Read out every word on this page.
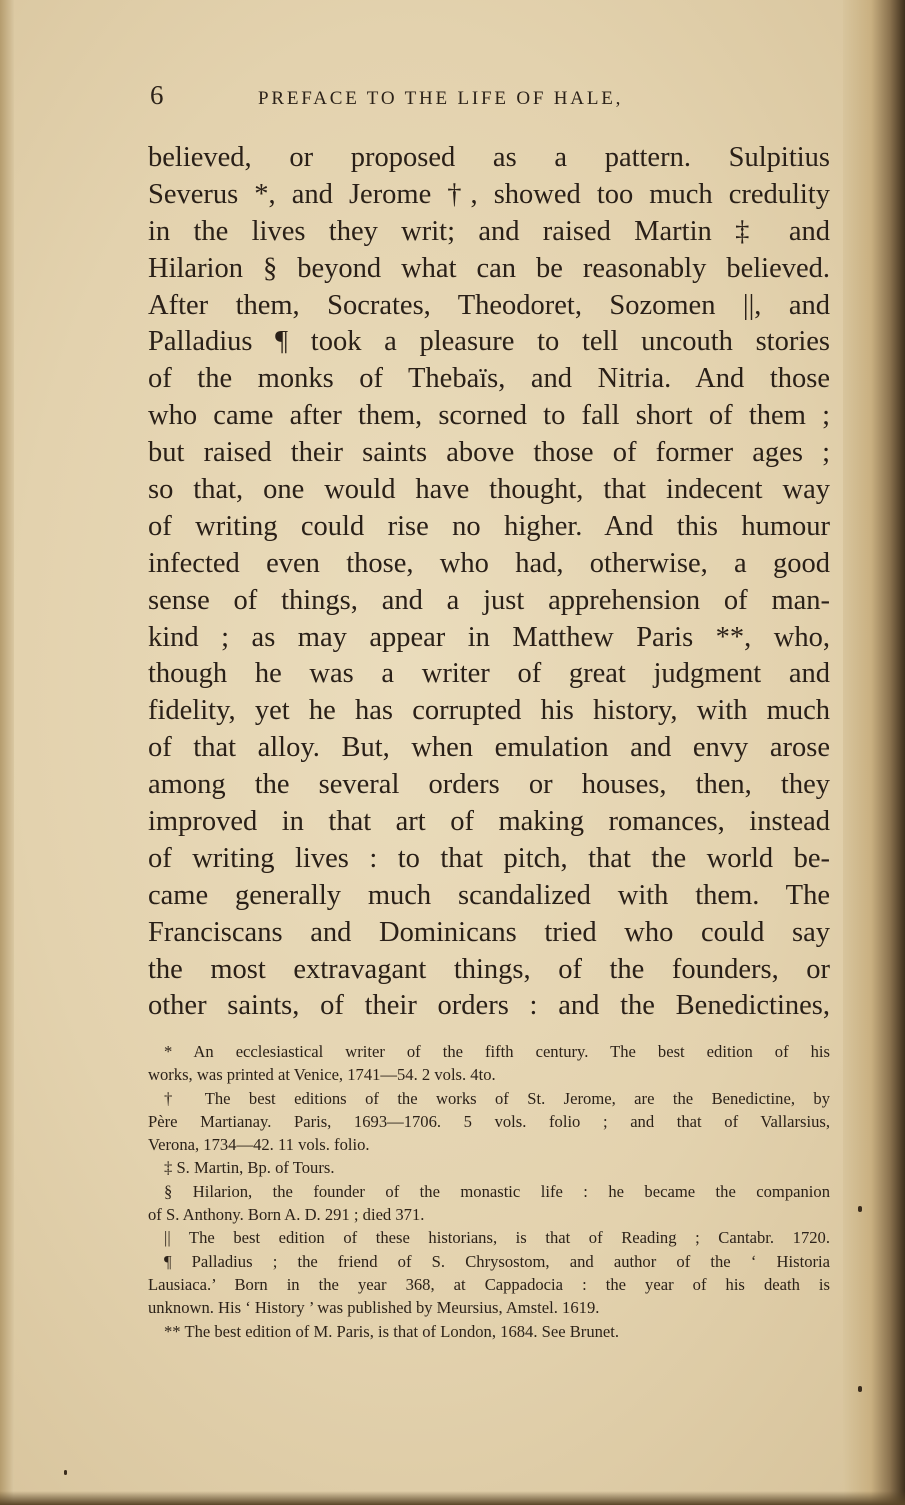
6	PREFACE TO THE LIFE OF HALE,
believed, or proposed as a pattern. Sulpitius
Severus *, and Jerome †, showed too much credulity
in the lives they writ; and raised Martin ‡ and
Hilarion § beyond what can be reasonably believed.
After them, Socrates, Theodoret, Sozomen ||, and
Palladius ¶ took a pleasure to tell uncouth stories
of the monks of Thebaïs, and Nitria. And those
who came after them, scorned to fall short of them ;
but raised their saints above those of former ages ;
so that, one would have thought, that indecent way
of writing could rise no higher. And this humour
infected even those, who had, otherwise, a good
sense of things, and a just apprehension of man-
kind ; as may appear in Matthew Paris **, who,
though he was a writer of great judgment and
fidelity, yet he has corrupted his history, with much
of that alloy. But, when emulation and envy arose
among the several orders or houses, then, they
improved in that art of making romances, instead
of writing lives : to that pitch, that the world be-
came generally much scandalized with them. The
Franciscans and Dominicans tried who could say
the most extravagant things, of the founders, or
other saints, of their orders : and the Benedictines,
* An ecclesiastical writer of the fifth century. The best edition of his
works, was printed at Venice, 1741—54. 2 vols. 4to.
† The best editions of the works of St. Jerome, are the Benedictine, by
Père Martianay. Paris, 1693—1706. 5 vols. folio ; and that of Vallarsius,
Verona, 1734—42. 11 vols. folio.
‡ S. Martin, Bp. of Tours.
§ Hilarion, the founder of the monastic life : he became the companion
of S. Anthony. Born A. D. 291 ; died 371.
|| The best edition of these historians, is that of Reading ; Cantabr. 1720.
¶ Palladius ; the friend of S. Chrysostom, and author of the ‘ Historia
Lausiaca.’ Born in the year 368, at Cappadocia : the year of his death is
unknown. His ‘ History ’ was published by Meursius, Amstel. 1619.
** The best edition of M. Paris, is that of London, 1684. See Brunet.
